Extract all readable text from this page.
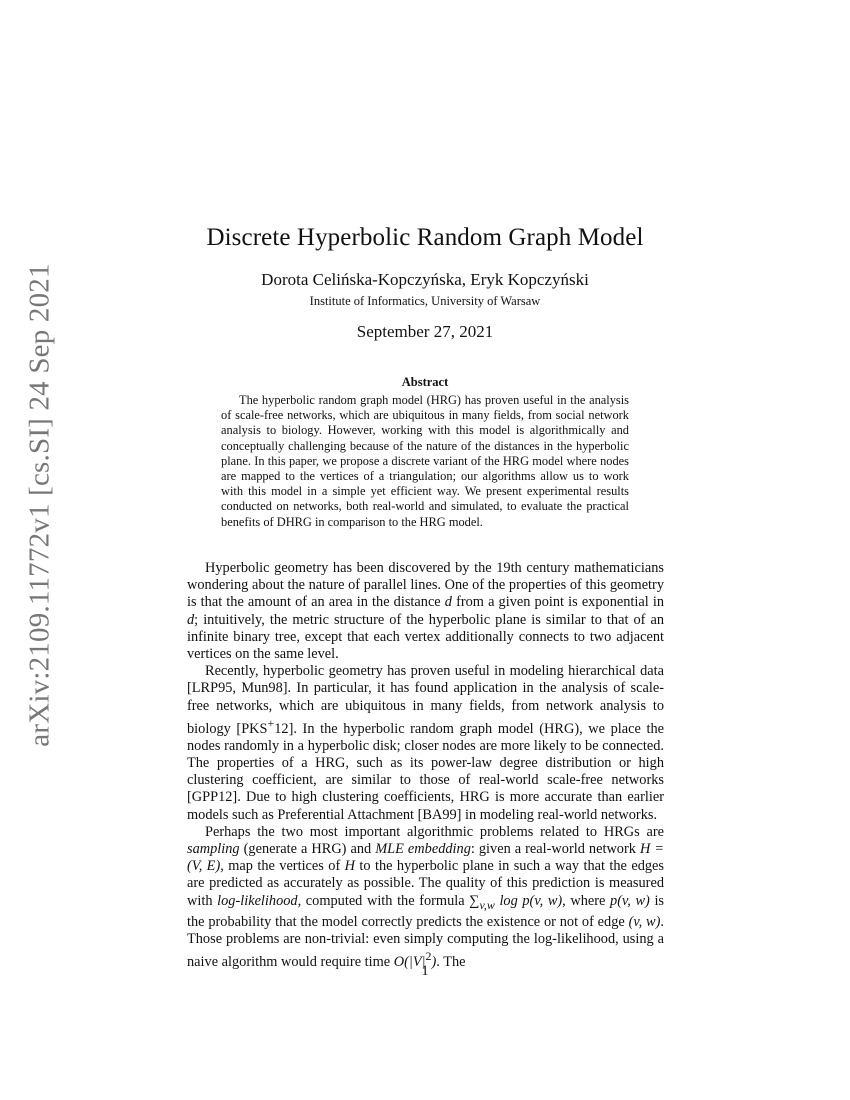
arXiv:2109.11772v1 [cs.SI] 24 Sep 2021
Discrete Hyperbolic Random Graph Model
Dorota Celińska-Kopczyńska, Eryk Kopczyński
Institute of Informatics, University of Warsaw
September 27, 2021
Abstract
The hyperbolic random graph model (HRG) has proven useful in the analysis of scale-free networks, which are ubiquitous in many fields, from social network analysis to biology. However, working with this model is algorithmically and conceptually challenging because of the nature of the distances in the hyperbolic plane. In this paper, we propose a discrete variant of the HRG model where nodes are mapped to the vertices of a triangulation; our algorithms allow us to work with this model in a simple yet efficient way. We present experimental results conducted on networks, both real-world and simulated, to evaluate the practical benefits of DHRG in comparison to the HRG model.

Hyperbolic geometry has been discovered by the 19th century mathematicians wondering about the nature of parallel lines. One of the properties of this geometry is that the amount of an area in the distance d from a given point is exponential in d; intuitively, the metric structure of the hyperbolic plane is similar to that of an infinite binary tree, except that each vertex additionally connects to two adjacent vertices on the same level.

Recently, hyperbolic geometry has proven useful in modeling hierarchical data [LRP95, Mun98]. In particular, it has found application in the analysis of scale-free networks, which are ubiquitous in many fields, from network analysis to biology [PKS+12]. In the hyperbolic random graph model (HRG), we place the nodes randomly in a hyperbolic disk; closer nodes are more likely to be connected. The properties of a HRG, such as its power-law degree distribution or high clustering coefficient, are similar to those of real-world scale-free networks [GPP12]. Due to high clustering coefficients, HRG is more accurate than earlier models such as Preferential Attachment [BA99] in modeling real-world networks.

Perhaps the two most important algorithmic problems related to HRGs are sampling (generate a HRG) and MLE embedding: given a real-world network H = (V, E), map the vertices of H to the hyperbolic plane in such a way that the edges are predicted as accurately as possible. The quality of this prediction is measured with log-likelihood, computed with the formula $\sum_{v,w}$ log p(v, w), where p(v, w) is the probability that the model correctly predicts the existence or not of edge (v, w). Those problems are non-trivial: even simply computing the log-likelihood, using a naive algorithm would require time $O(|V|^2)$. The

1
